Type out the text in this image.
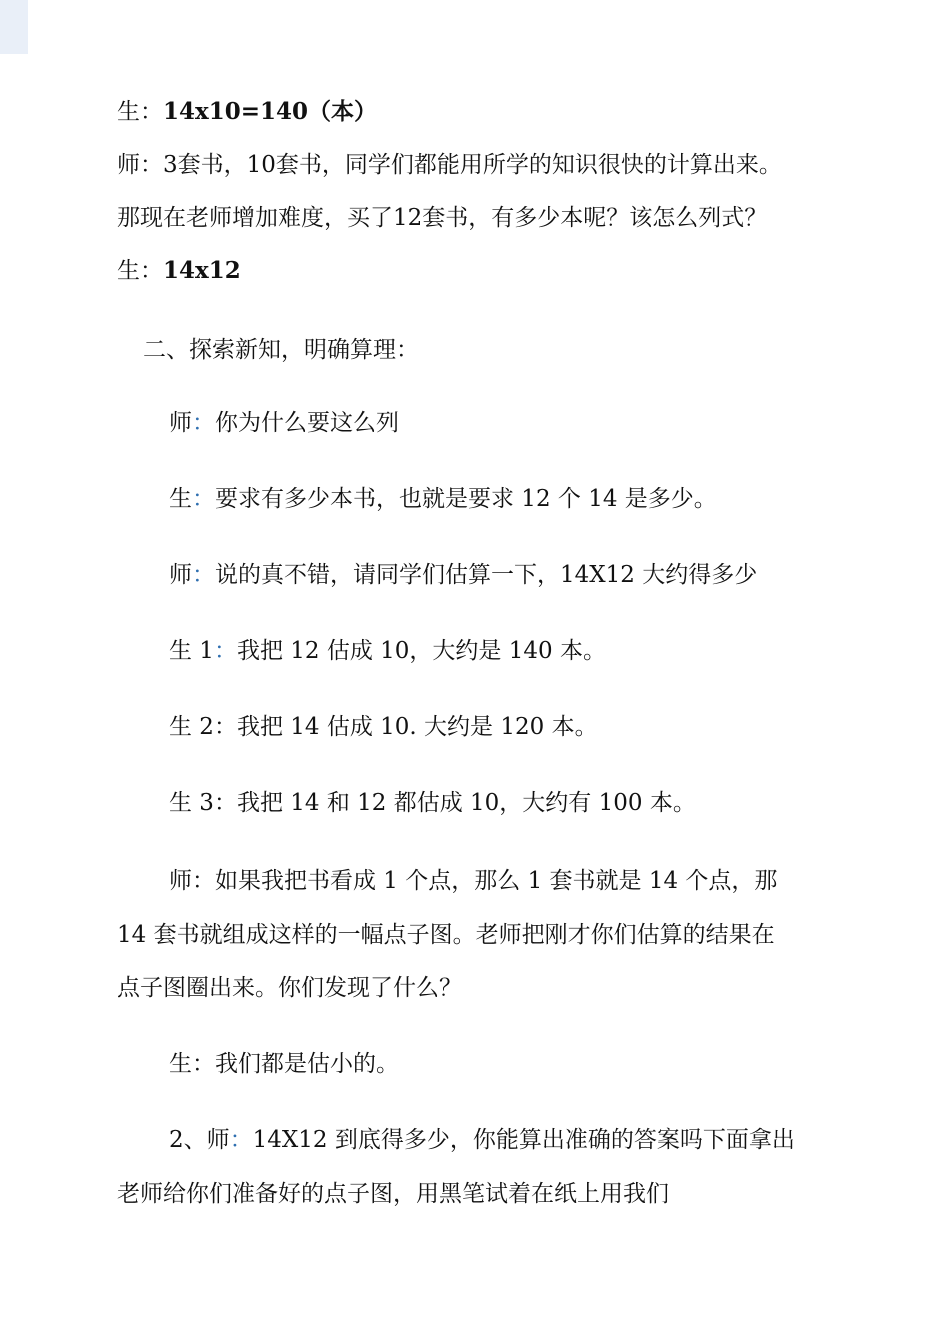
生：14x10=140（本）
师：3套书，10套书，同学们都能用所学的知识很快的计算出来。
那现在老师增加难度，买了12套书，有多少本呢？该怎么列式？
生：14x12
二、探索新知，明确算理：
师：你为什么要这么列
生：要求有多少本书，也就是要求 12 个 14 是多少。
师：说的真不错，请同学们估算一下，14X12 大约得多少
生 1：我把 12 估成 10，大约是 140 本。
生 2：我把 14 估成 10. 大约是 120 本。
生 3：我把 14 和 12 都估成 10，大约有 100 本。
师：如果我把书看成 1 个点，那么 1 套书就是 14 个点，那
14 套书就组成这样的一幅点子图。老师把刚才你们估算的结果在
点子图圈出来。你们发现了什么？
生：我们都是估小的。
2、师：14X12 到底得多少，你能算出准确的答案吗下面拿出
老师给你们准备好的点子图，用黑笔试着在纸上用我们
